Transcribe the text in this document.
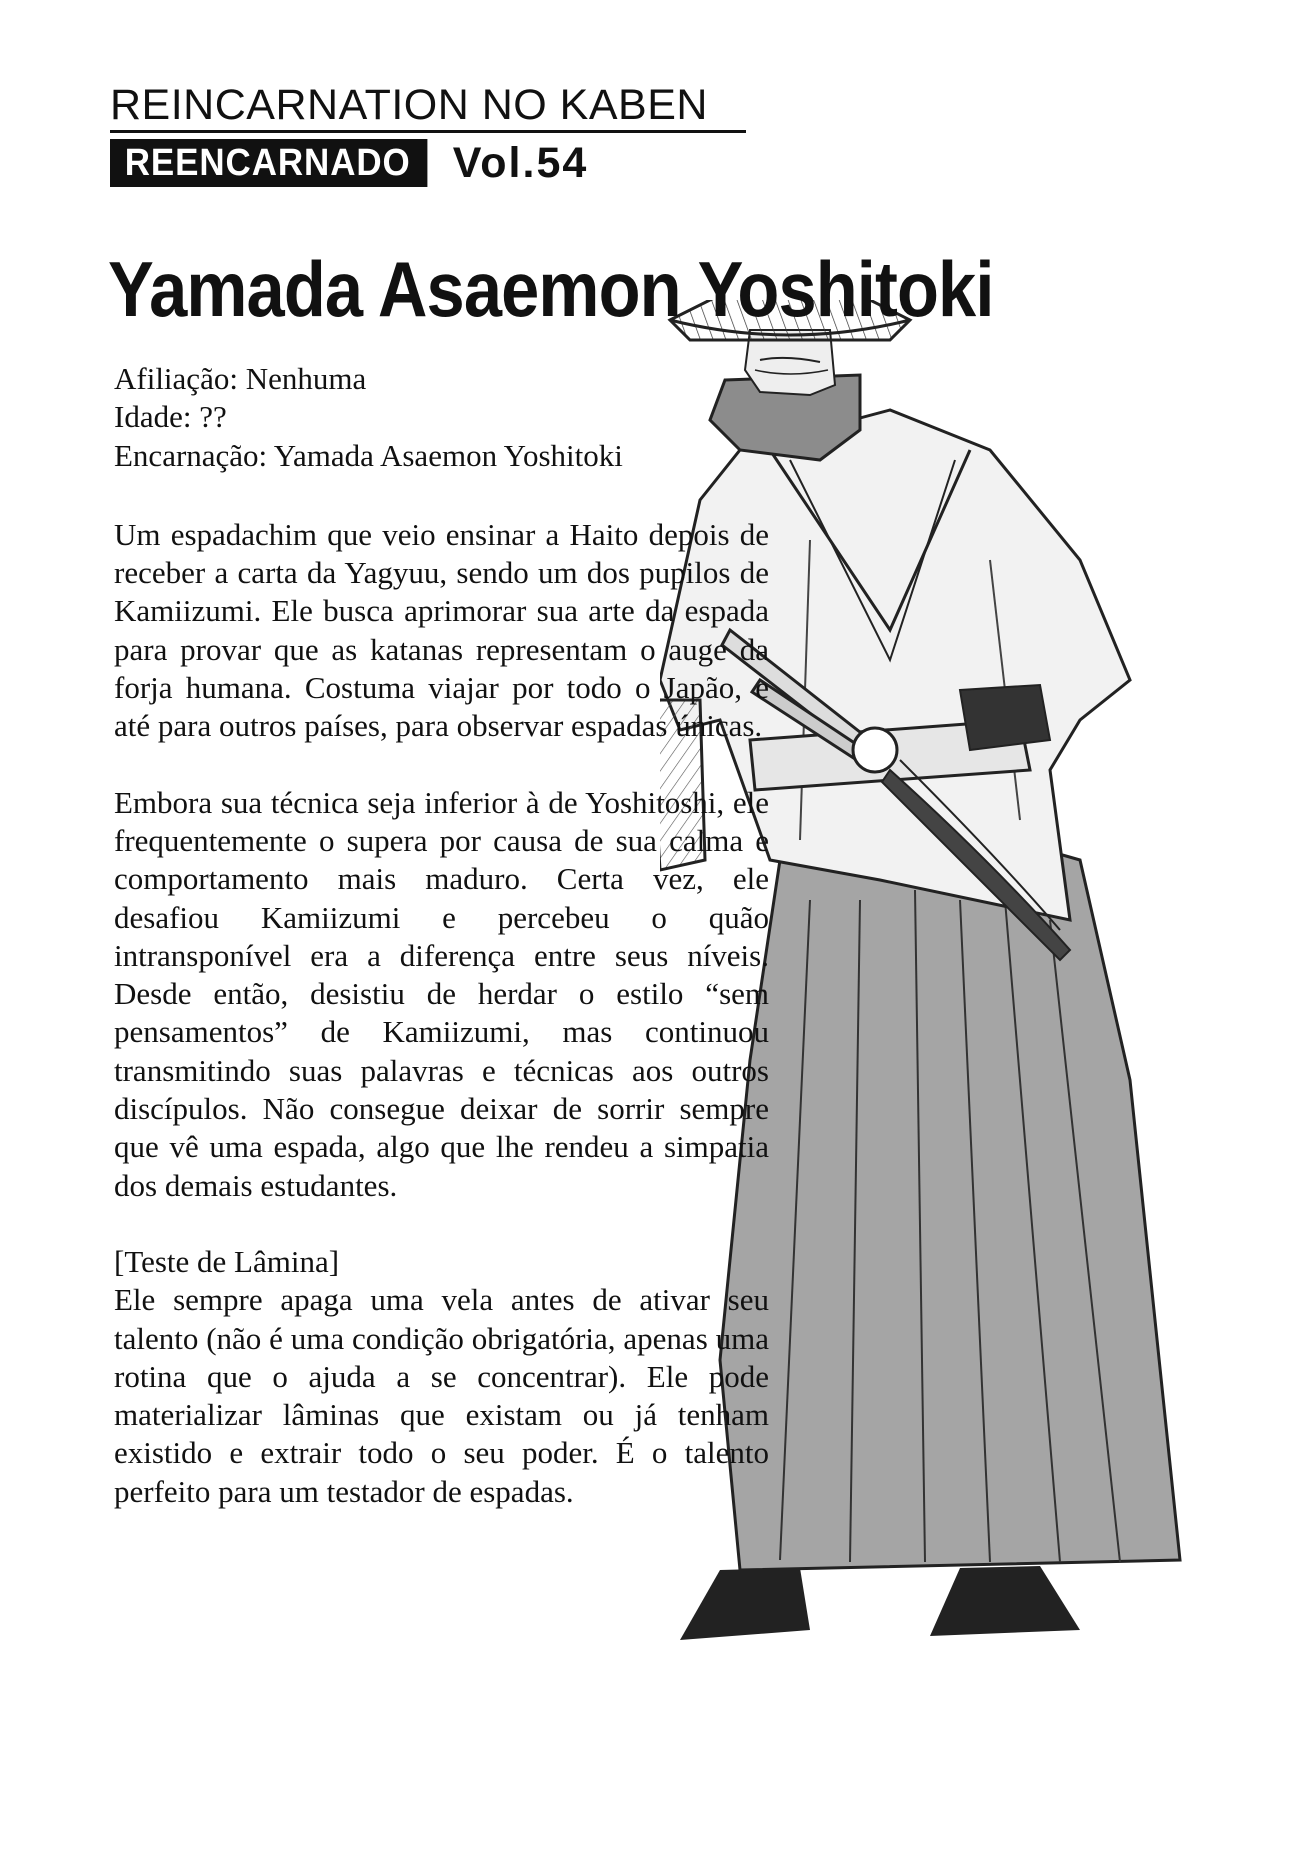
REINCARNATION NO KABEN
REENCARNADO Vol.54
Yamada Asaemon Yoshitoki
Afiliação: Nenhuma
Idade: ??
Encarnação: Yamada Asaemon Yoshitoki

Um espadachim que veio ensinar a Haito depois de receber a carta da Yagyuu, sendo um dos pupilos de Kamiizumi. Ele busca aprimorar sua arte da espada para provar que as katanas representam o auge da forja humana. Costuma viajar por todo o Japão, e até para outros países, para observar espadas únicas.

Embora sua técnica seja inferior à de Yoshitoshi, ele frequentemente o supera por causa de sua calma e comportamento mais maduro. Certa vez, ele desafiou Kamiizumi e percebeu o quão intransponível era a diferença entre seus níveis. Desde então, desistiu de herdar o estilo “sem pensamentos” de Kamiizumi, mas continuou transmitindo suas palavras e técnicas aos outros discípulos. Não consegue deixar de sorrir sempre que vê uma espada, algo que lhe rendeu a simpatia dos demais estudantes.

[Teste de Lâmina]

Ele sempre apaga uma vela antes de ativar seu talento (não é uma condição obrigatória, apenas uma rotina que o ajuda a se concentrar). Ele pode materializar lâminas que existam ou já tenham existido e extrair todo o seu poder. É o talento perfeito para um testador de espadas.
